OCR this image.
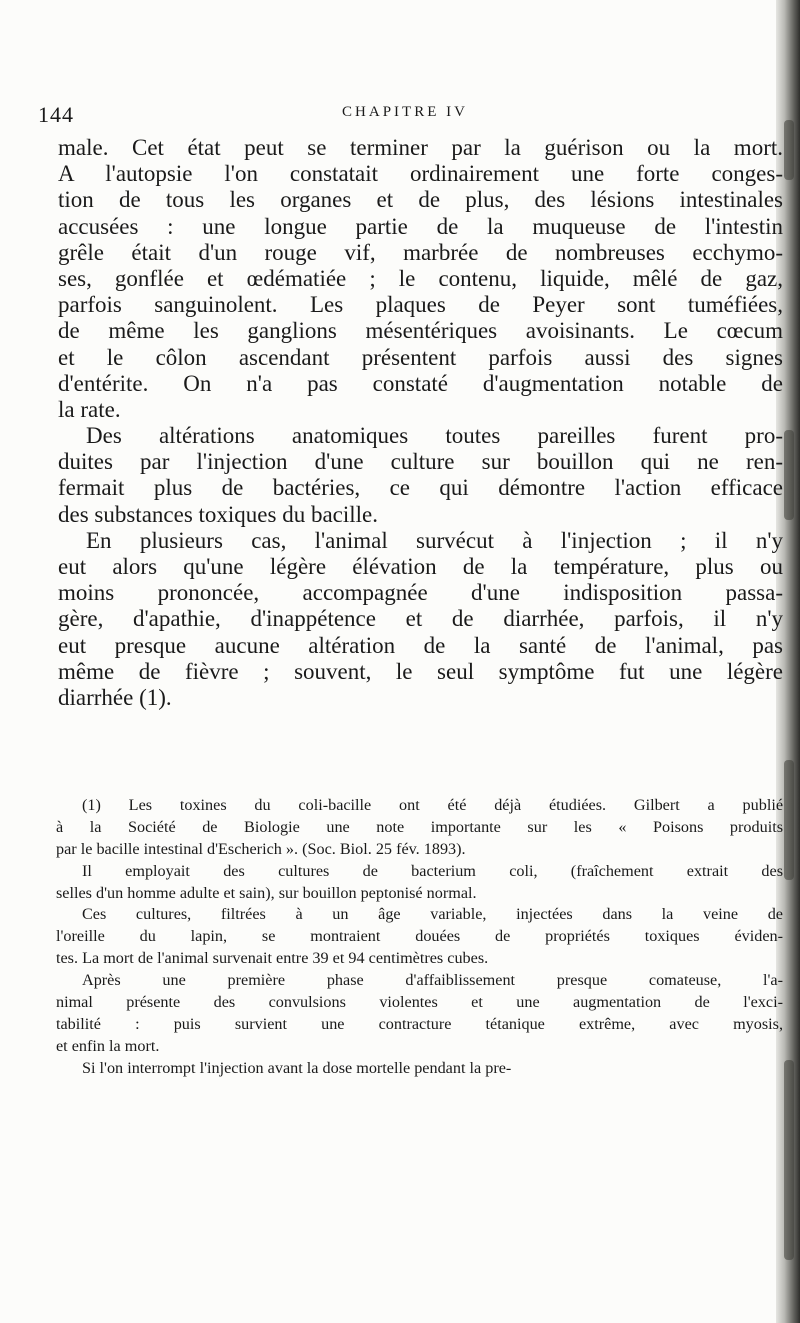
144	CHAPITRE IV
male. Cet état peut se terminer par la guérison ou la mort.
A l'autopsie l'on constatait ordinairement une forte conges-
tion de tous les organes et de plus, des lésions intestinales
accusées : une longue partie de la muqueuse de l'intestin
grêle était d'un rouge vif, marbrée de nombreuses ecchymo-
ses, gonflée et œdématiée ; le contenu, liquide, mêlé de gaz,
parfois sanguinolent. Les plaques de Peyer sont tuméfiées,
de même les ganglions mésentériques avoisinants. Le cœcum
et le côlon ascendant présentent parfois aussi des signes
d'entérite. On n'a pas constaté d'augmentation notable de
la rate.
Des altérations anatomiques toutes pareilles furent pro-
duites par l'injection d'une culture sur bouillon qui ne ren-
fermait plus de bactéries, ce qui démontre l'action efficace
des substances toxiques du bacille.
En plusieurs cas, l'animal survécut à l'injection ; il n'y
eut alors qu'une légère élévation de la température, plus ou
moins prononcée, accompagnée d'une indisposition passa-
gère, d'apathie, d'inappétence et de diarrhée, parfois, il n'y
eut presque aucune altération de la santé de l'animal, pas
même de fièvre ; souvent, le seul symptôme fut une légère
diarrhée (1).
(1) Les toxines du coli-bacille ont été déjà étudiées. Gilbert a publié
à la Société de Biologie une note importante sur les « Poisons produits
par le bacille intestinal d'Escherich ». (Soc. Biol. 25 fév. 1893).
Il employait des cultures de bacterium coli, (fraîchement extrait des
selles d'un homme adulte et sain), sur bouillon peptonisé normal.
Ces cultures, filtrées à un âge variable, injectées dans la veine de
l'oreille du lapin, se montraient douées de propriétés toxiques éviden-
tes. La mort de l'animal survenait entre 39 et 94 centimètres cubes.
Après une première phase d'affaiblissement presque comateuse, l'a-
nimal présente des convulsions violentes et une augmentation de l'exci-
tabilité : puis survient une contracture tétanique extrême, avec myosis,
et enfin la mort.
Si l'on interrompt l'injection avant la dose mortelle pendant la pre-
